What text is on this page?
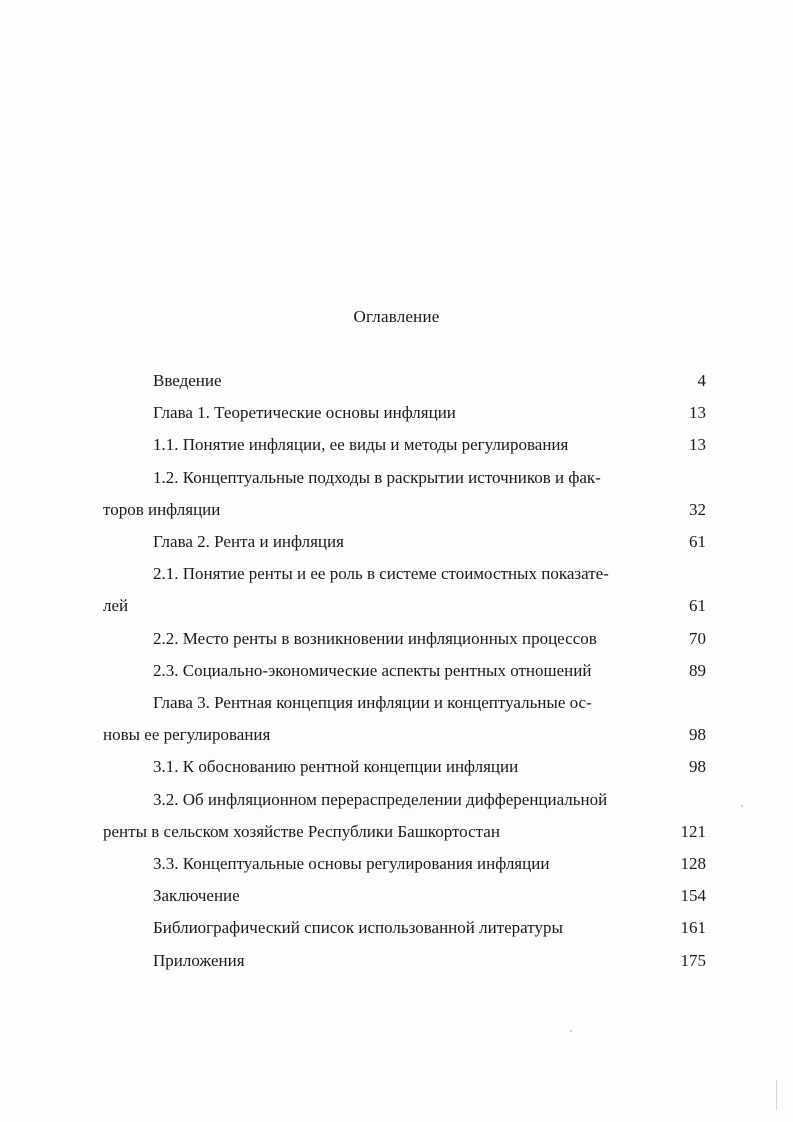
Оглавление
Введение	4
Глава 1. Теоретические основы инфляции	13
1.1. Понятие инфляции, ее виды и методы регулирования	13
1.2. Концептуальные подходы в раскрытии источников и фак-
торов инфляции	32
Глава 2. Рента и инфляция	61
2.1. Понятие ренты и ее роль в системе стоимостных показате-
лей	61
2.2. Место ренты в возникновении инфляционных процессов	70
2.3. Социально-экономические аспекты рентных отношений	89
Глава 3. Рентная концепция инфляции и концептуальные ос-
новы ее регулирования	98
3.1. К обоснованию рентной концепции инфляции	98
3.2. Об инфляционном перераспределении дифференциальной
ренты в сельском хозяйстве Республики Башкортостан	121
3.3. Концептуальные основы регулирования инфляции	128
Заключение	154
Библиографический список использованной литературы	161
Приложения	175
